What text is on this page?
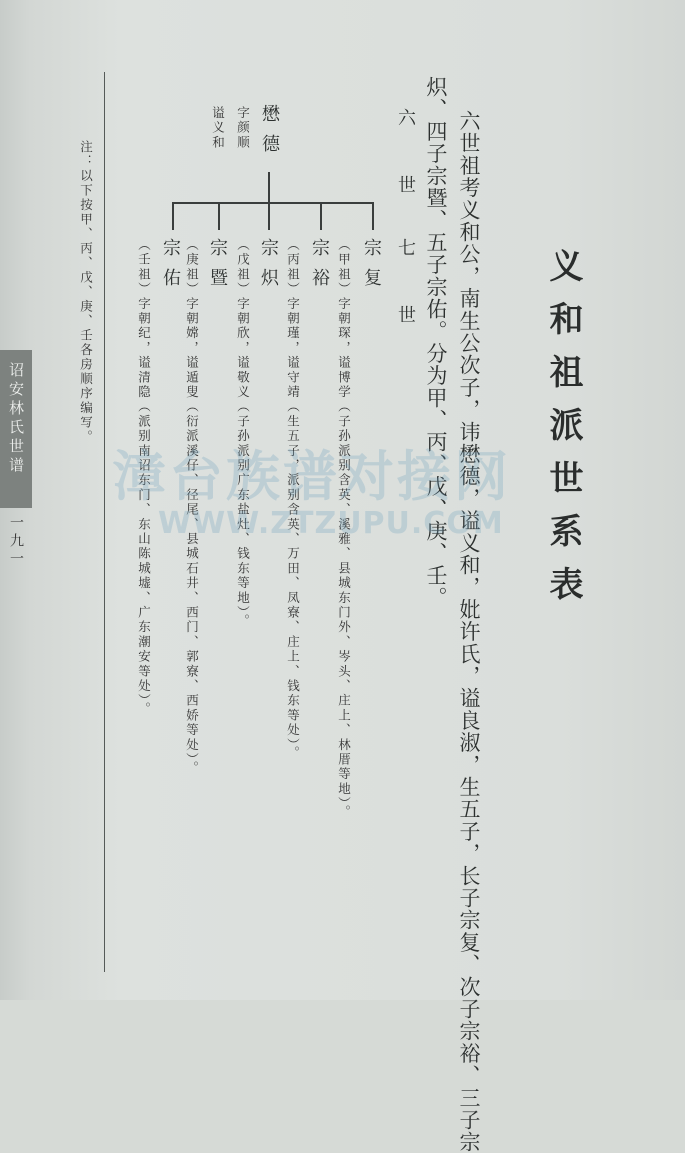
义和祖派世系表
六世祖考义和公，南生公次子，讳懋德，谥义和，妣许氏，谥良淑，生五子，长子宗复、次子宗裕、三子宗
炽、四子宗暨、五子宗佑。分为甲、丙、戊、庚、壬。
六 世
七 世
懋德
字颜顺
谥义和
宗复
（甲祖）字朝琛，谥博学（子孙派别含英、溪雅、县城东门外、岑头、庄上、林厝等地）。
宗裕
（丙祖）字朝瑾，谥守靖（生五子，派别含英、万田、凤寮、庄上、钱东等处）。
宗炽
（戊祖）字朝欣，谥敬义（子孙派别广东盐灶、钱东等地）。
宗暨
（庚祖）字朝嫦，谥遁叟（衍派溪仔、径尾、县城石井、西门、郭寮、西娇等处）。
宗佑
（壬祖）字朝纪，谥清隐（派别南诏东门、东山陈城墟、广东潮安等处）。
注：以下按甲、丙、戊、庚、壬各房顺序编写。
诏安林氏世谱
一九一
漳台族谱对接网
WWW.ZTZUPU.COM
